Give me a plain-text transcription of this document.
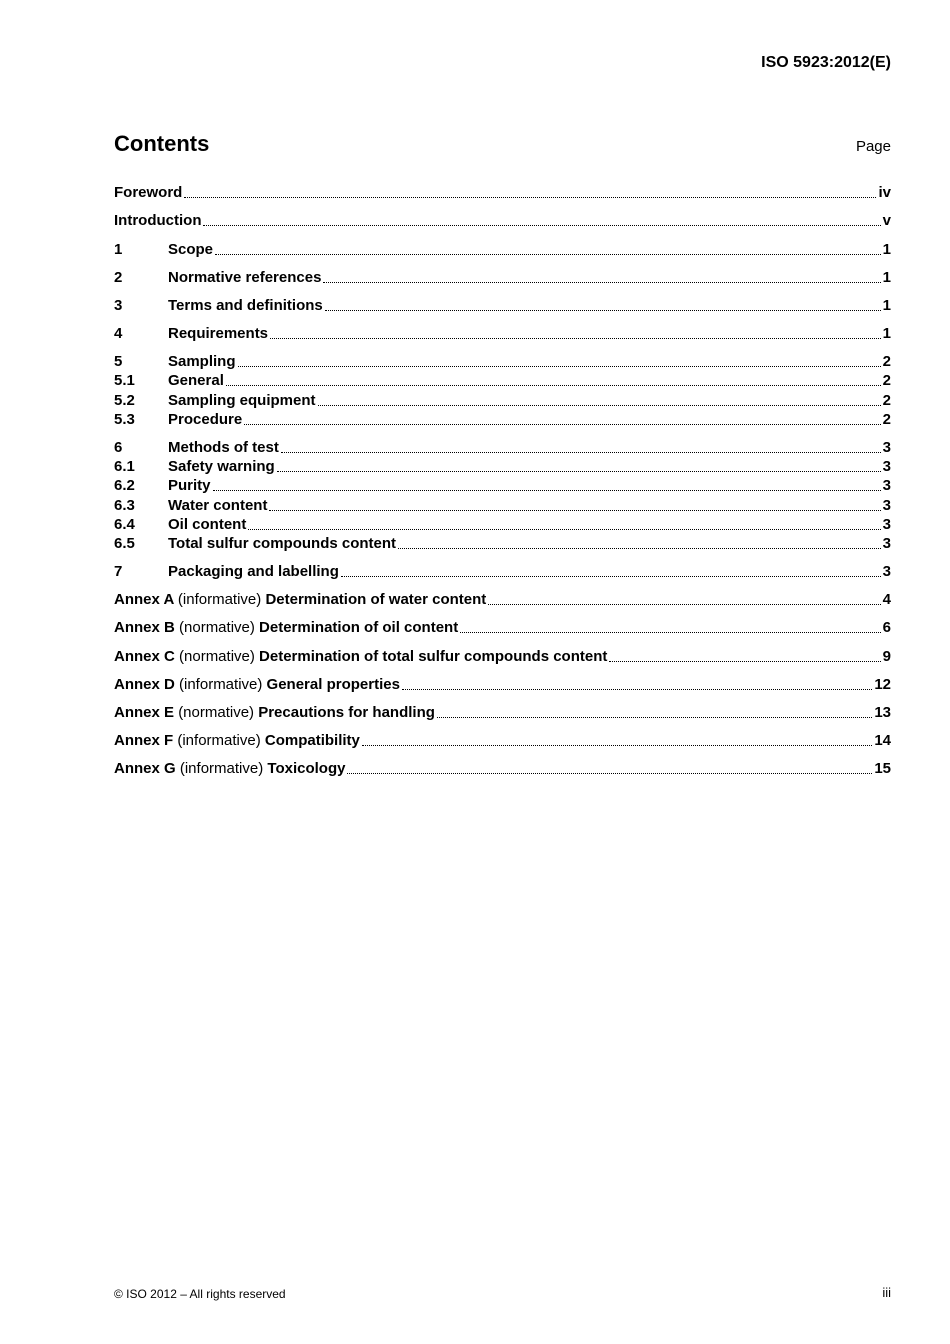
ISO 5923:2012(E)
Contents	Page
Foreword	iv
Introduction	v
1	Scope	1
2	Normative references	1
3	Terms and definitions	1
4	Requirements	1
5	Sampling	2
5.1	General	2
5.2	Sampling equipment	2
5.3	Procedure	2
6	Methods of test	3
6.1	Safety warning	3
6.2	Purity	3
6.3	Water content	3
6.4	Oil content	3
6.5	Total sulfur compounds content	3
7	Packaging and labelling	3
Annex A (informative) Determination of water content	4
Annex B (normative) Determination of oil content	6
Annex C (normative) Determination of total sulfur compounds content	9
Annex D (informative) General properties	12
Annex E (normative) Precautions for handling	13
Annex F (informative) Compatibility	14
Annex G (informative) Toxicology	15
© ISO 2012 – All rights reserved	iii
